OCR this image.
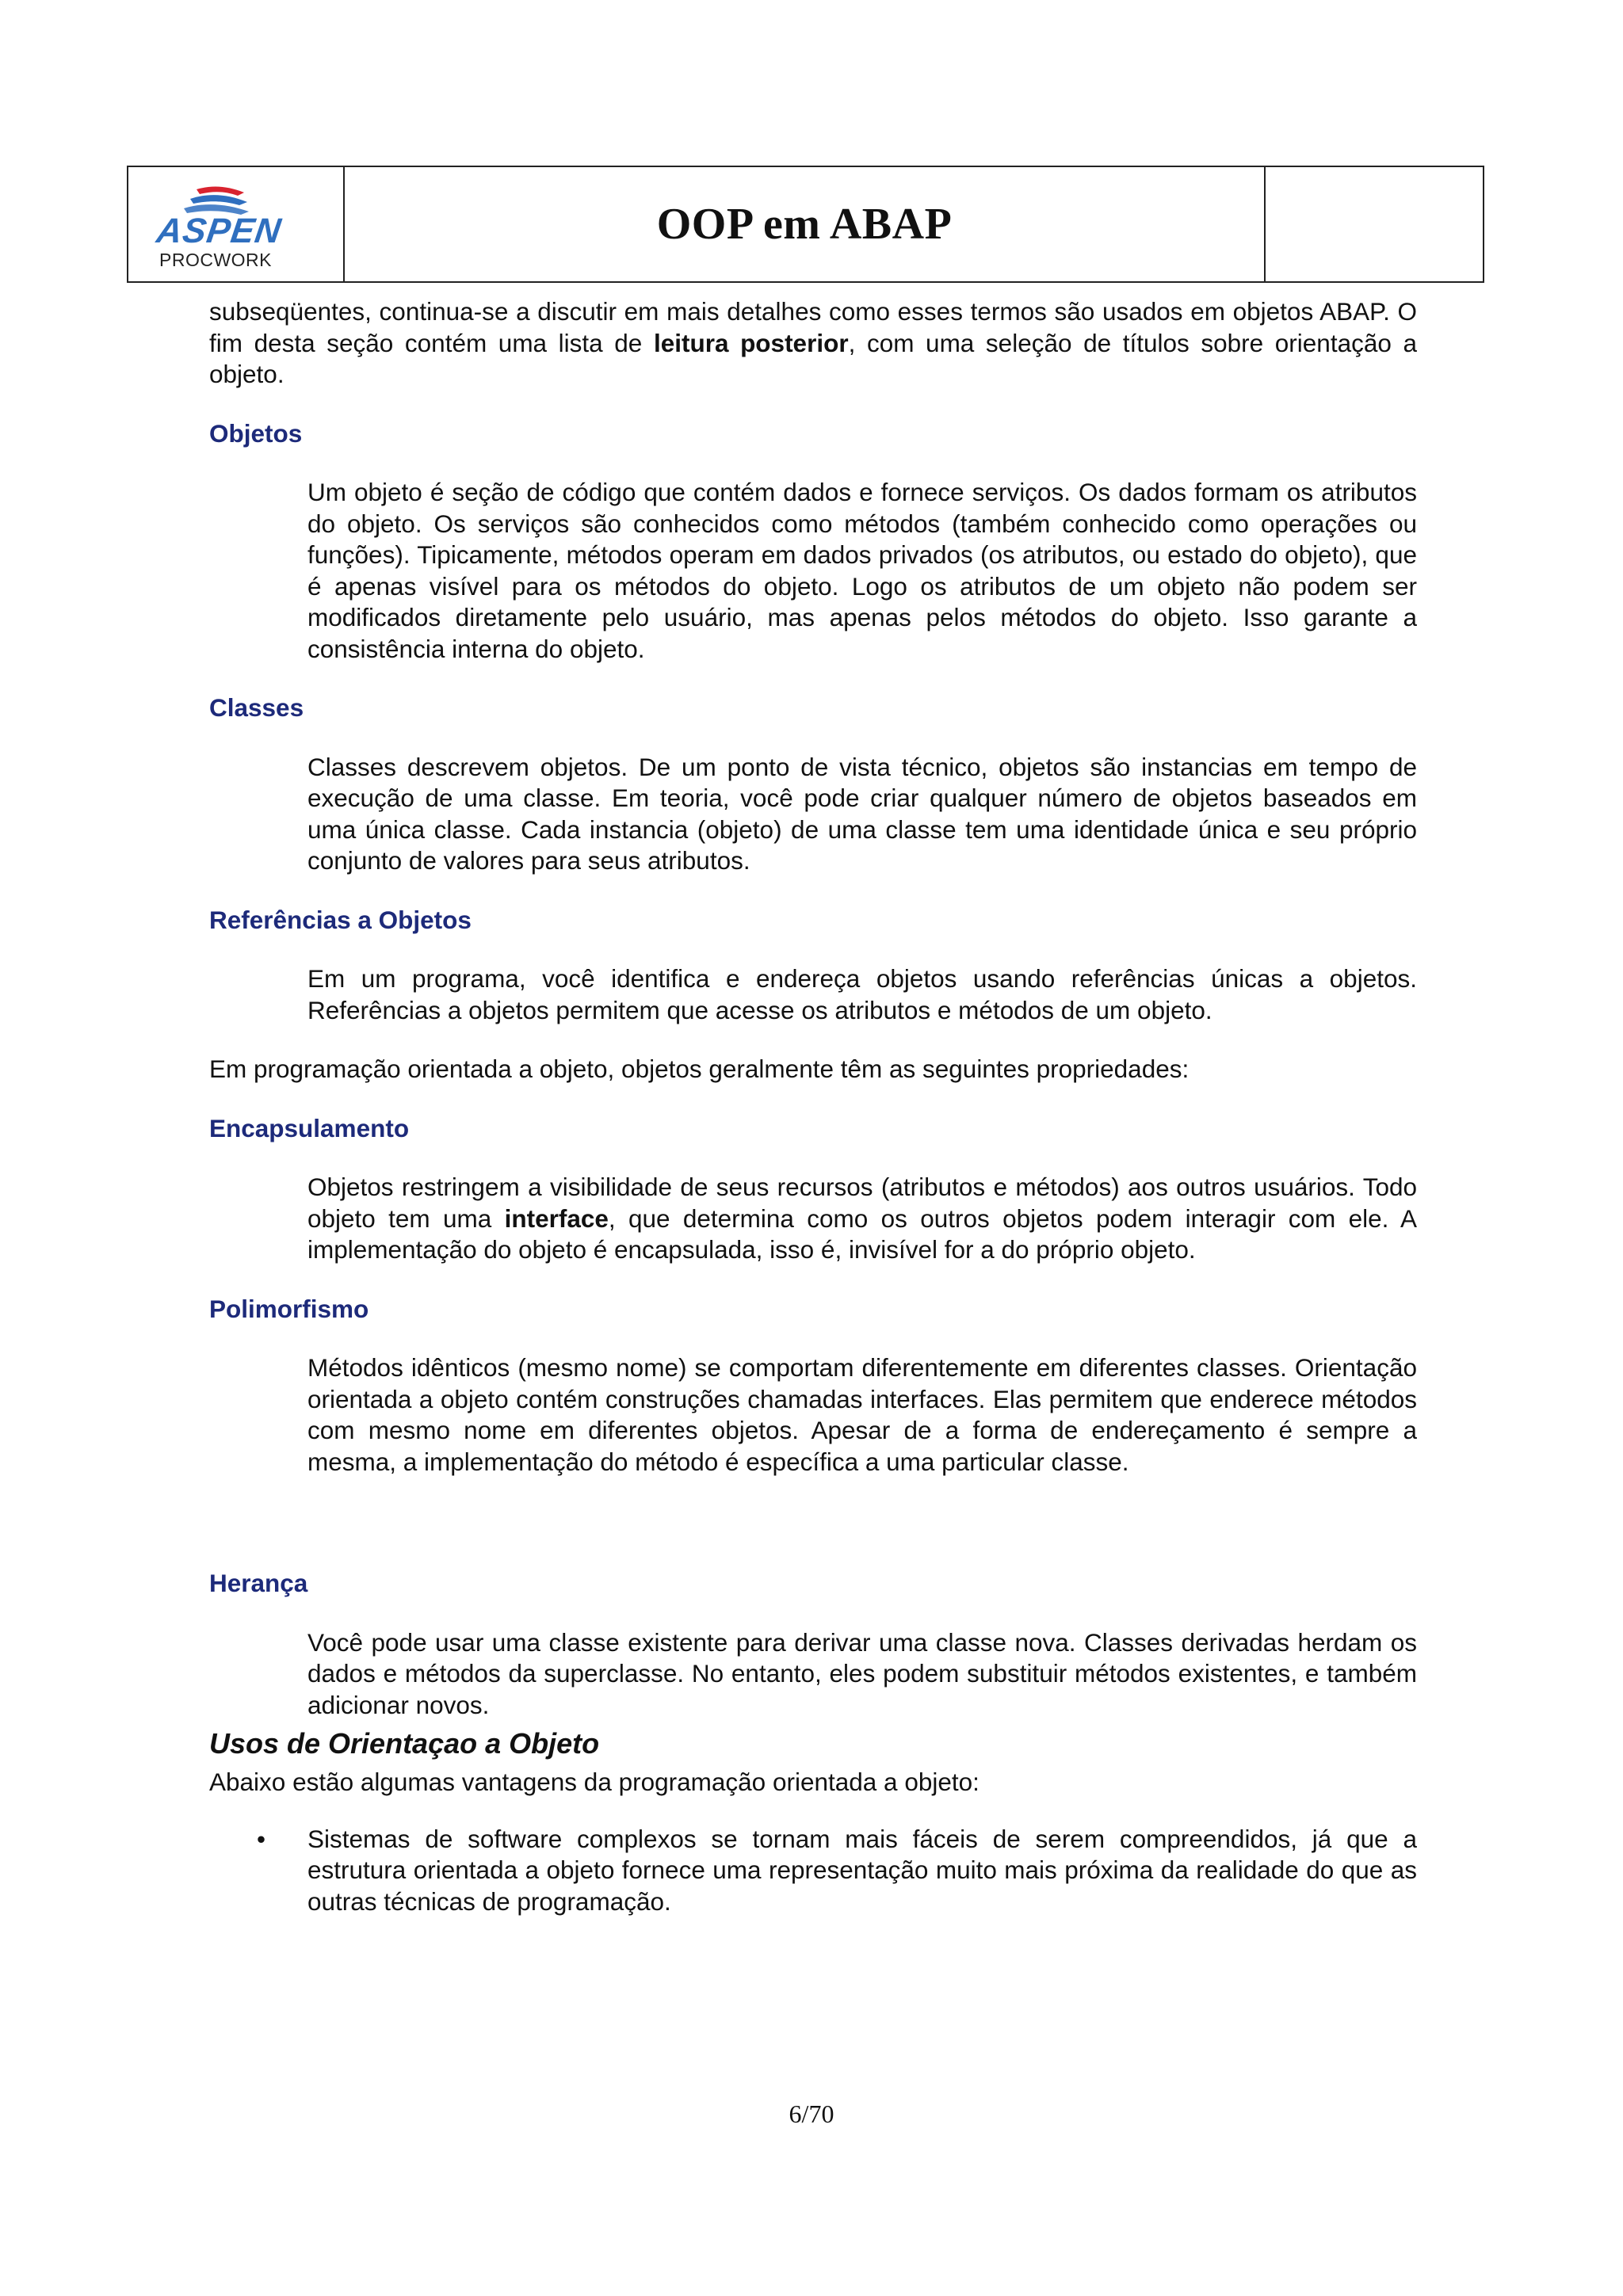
ASPEN
PROCWORK
OOP em ABAP

subseqüentes, continua-se a discutir em mais detalhes como esses termos são usados em objetos ABAP. O fim desta seção contém uma lista de leitura posterior, com uma seleção de títulos sobre orientação a objeto.

Objetos

Um objeto é seção de código que contém dados e fornece serviços. Os dados formam os atributos do objeto. Os serviços são conhecidos como métodos (também conhecido como operações ou funções). Tipicamente, métodos operam em dados privados (os atributos, ou estado do objeto), que é apenas visível para os métodos do objeto. Logo os atributos de um objeto não podem ser modificados diretamente pelo usuário, mas apenas pelos métodos do objeto. Isso garante a consistência interna do objeto.

Classes

Classes descrevem objetos. De um ponto de vista técnico, objetos são instancias em tempo de execução de uma classe. Em teoria, você pode criar qualquer número de objetos baseados em uma única classe. Cada instancia (objeto) de uma classe tem uma identidade única e seu próprio conjunto de valores para seus atributos.

Referências a Objetos

Em um programa, você identifica e endereça objetos usando referências únicas a objetos. Referências a objetos permitem que acesse os atributos e métodos de um objeto.

Em programação orientada a objeto, objetos geralmente têm as seguintes propriedades:

Encapsulamento

Objetos restringem a visibilidade de seus recursos (atributos e métodos) aos outros usuários. Todo objeto tem uma interface, que determina como os outros objetos podem interagir com ele. A implementação do objeto é encapsulada, isso é, invisível for a do próprio objeto.

Polimorfismo

Métodos idênticos (mesmo nome) se comportam diferentemente em diferentes classes. Orientação orientada a objeto contém construções chamadas interfaces. Elas permitem que enderece métodos com mesmo nome em diferentes objetos. Apesar de a forma de endereçamento é sempre a mesma, a implementação do método é específica a uma particular classe.

Herança

Você pode usar uma classe existente para derivar uma classe nova. Classes derivadas herdam os dados e métodos da superclasse. No entanto, eles podem substituir métodos existentes, e também adicionar novos.

Usos de Orientaçao a Objeto

Abaixo estão algumas vantagens da programação orientada a objeto:

•	Sistemas de software complexos se tornam mais fáceis de serem compreendidos, já que a estrutura orientada a objeto fornece uma representação muito mais próxima da realidade do que as outras técnicas de programação.

6/70
